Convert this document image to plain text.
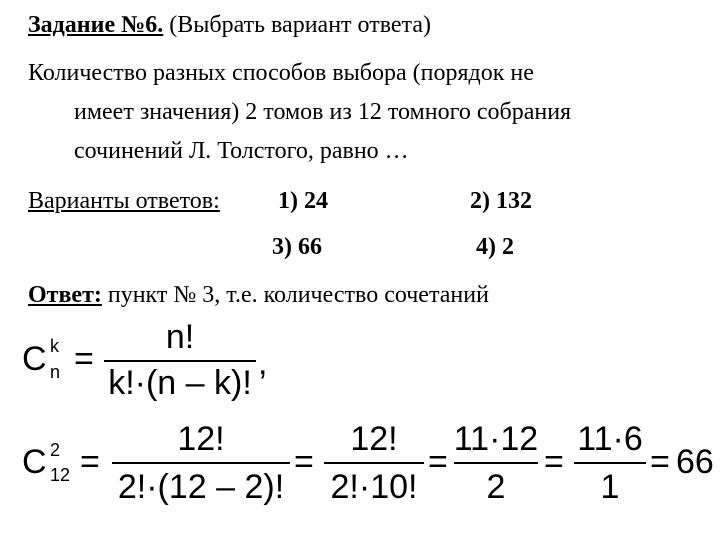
Задание №6. (Выбрать вариант ответа)
Количество разных способов выбора (порядок не
имеет значения) 2 томов из 12 томного собрания
сочинений Л. Толстого, равно …
Варианты ответов: 1) 24	2) 132
3) 66	4) 2
Ответ: пункт № 3, т.е. количество сочетаний
C k
n =
n!
k!·(n – k)!
,
C 2
12 =
12!
2!·(12 – 2)!
=
12!
2!·10!
=
11·12
2
=
11·6
1
= 66
